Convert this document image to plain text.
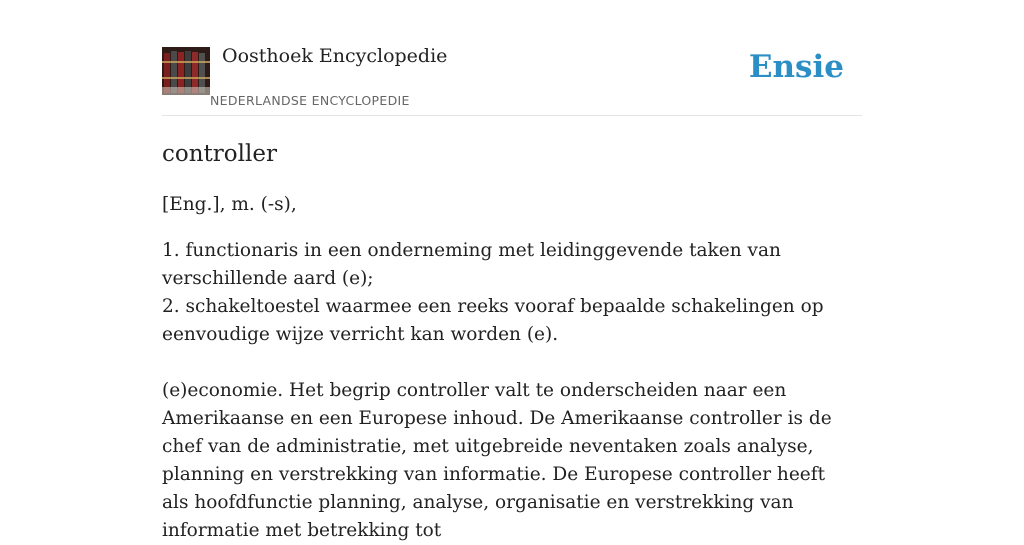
Oosthoek Encyclopedie
NEDERLANDSE ENCYCLOPEDIE
Ensie
controller

[Eng.], m. (-s),

1. functionaris in een onderneming met leidinggevende taken van verschillende aard (e);
2. schakeltoestel waarmee een reeks vooraf bepaalde schakelingen op eenvoudige wijze verricht kan worden (e).

(e)economie. Het begrip controller valt te onderscheiden naar een Amerikaanse en een Europese inhoud. De Amerikaanse controller is de chef van de administratie, met uitgebreide neventaken zoals analyse, planning en verstrekking van informatie. De Europese controller heeft als hoofdfunctie planning, analyse, organisatie en verstrekking van informatie met betrekking tot
